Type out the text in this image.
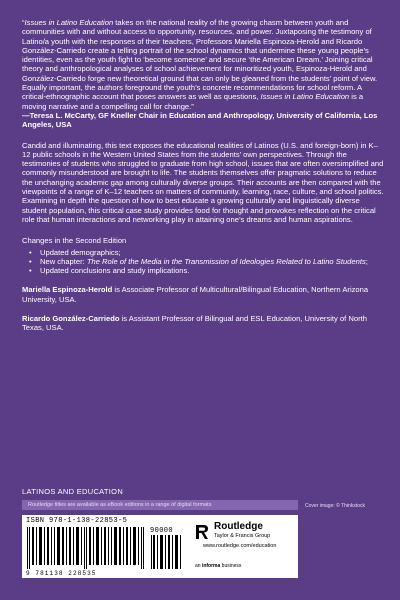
“Issues in Latino Education takes on the national reality of the growing chasm between youth and communities with and without access to opportunity, resources, and power. Juxtaposing the testimony of Latino/a youth with the responses of their teachers, Professors Mariella Espinoza-Herold and Ricardo González-Carriedo create a telling portrait of the school dynamics that undermine these young people’s identities, even as the youth fight to ‘become someone’ and secure ‘the American Dream.’ Joining critical theory and anthropological analyses of school achievement for minoritized youth, Espinoza-Herold and González-Carriedo forge new theoretical ground that can only be gleaned from the students’ point of view. Equally important, the authors foreground the youth’s concrete recommendations for school reform. A critical-ethnographic account that poses answers as well as questions, Issues in Latino Education is a moving narrative and a compelling call for change.”

—Teresa L. McCarty, GF Kneller Chair in Education and Anthropology, University of California, Los Angeles, USA

Candid and illuminating, this text exposes the educational realities of Latinos (U.S. and foreign-born) in K–12 public schools in the Western United States from the students’ own perspectives. Through the testimonies of students who struggled to graduate from high school, issues that are often oversimplified and commonly misunderstood are brought to life. The students themselves offer pragmatic solutions to reduce the unchanging academic gap among culturally diverse groups. Their accounts are then compared with the viewpoints of a range of K–12 teachers on matters of community, learning, race, culture, and school politics. Examining in depth the question of how to best educate a growing culturally and linguistically diverse student population, this critical case study provides food for thought and provokes reflection on the critical role that human interactions and networking play in attaining one’s dreams and human aspirations.

Changes in the Second Edition

• Updated demographics;
• New chapter: The Role of the Media in the Transmission of Ideologies Related to Latino Students;
• Updated conclusions and study implications.
Mariella Espinoza-Herold is Associate Professor of Multicultural/Bilingual Education, Northern Arizona University, USA.
Ricardo González-Carriedo is Assistant Professor of Bilingual and ESL Education, University of North Texas, USA.
LATINOS AND EDUCATION
Routledge titles are available as eBook editions in a range of digital formats	Cover image: © Thinkstock
ISBN 978-1-138-22853-5
90000
9 781138 228535
Routledge
Taylor & Francis Group
www.routledge.com/education
an informa business
